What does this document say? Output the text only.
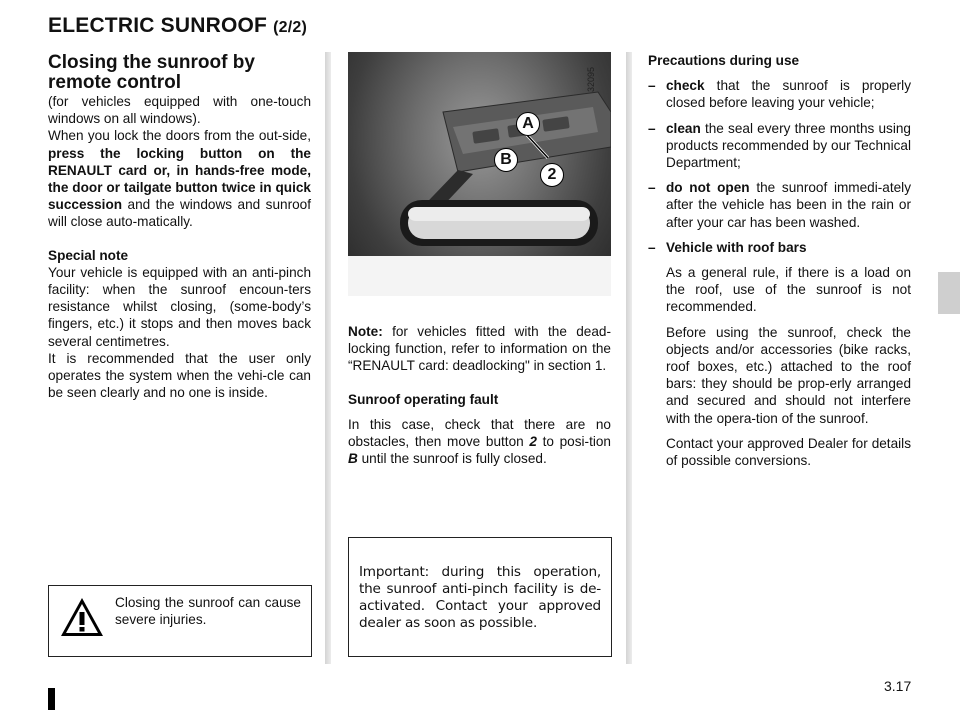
ELECTRIC SUNROOF (2/2)
Closing the sunroof by
remote control
(for vehicles equipped with one-touch windows on all windows).
When you lock the doors from the out-side, press the locking button on the RENAULT card or, in hands-free mode, the door or tailgate button twice in quick succession and the windows and sunroof will close auto-matically.
Special note
Your vehicle is equipped with an anti-pinch facility: when the sunroof encoun-ters resistance whilst closing, (some-body’s fingers, etc.) it stops and then moves back several centimetres.
It is recommended that the user only operates the system when the vehi-cle can be seen clearly and no one is inside.
Closing the sunroof can cause severe injuries.
A
B
2
32095
Note: for vehicles fitted with the dead-locking function, refer to information on the “RENAULT card: deadlocking" in section 1.
Sunroof operating fault
In this case, check that there are no obstacles, then move button 2 to posi-tion B until the sunroof is fully closed.
Important: during this operation, the sunroof anti-pinch facility is de-activated. Contact your approved dealer as soon as possible.
Precautions during use
– check that the sunroof is properly closed before leaving your vehicle;
– clean the seal every three months using products recommended by our Technical Department;
– do not open the sunroof immedi-ately after the vehicle has been in the rain or after your car has been washed.
– Vehicle with roof bars
As a general rule, if there is a load on the roof, use of the sunroof is not recommended.
Before using the sunroof, check the objects and/or accessories (bike racks, roof boxes, etc.) attached to the roof bars: they should be prop-erly arranged and secured and should not interfere with the opera-tion of the sunroof.
Contact your approved Dealer for details of possible conversions.
3.17
